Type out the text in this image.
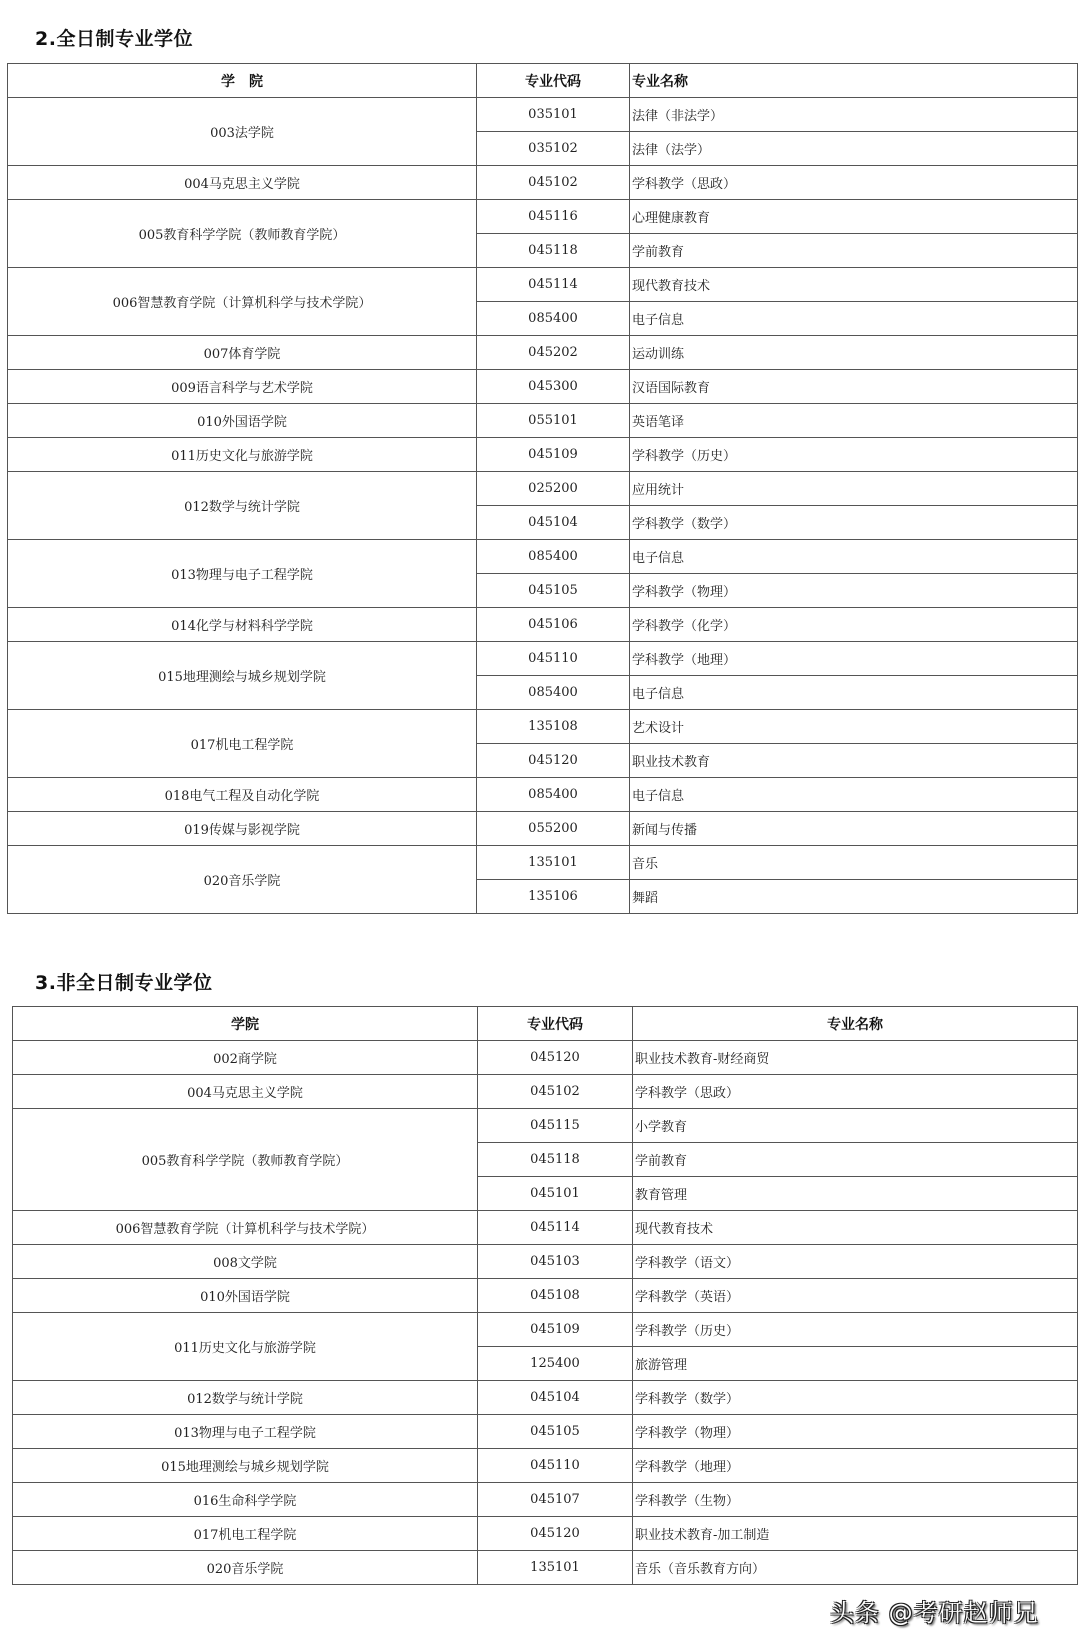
2.全日制专业学位
学　院	专业代码	专业名称
003法学院	035101	法律（非法学）
	035102	法律（法学）
004马克思主义学院	045102	学科教学（思政）
005教育科学学院（教师教育学院）	045116	心理健康教育
	045118	学前教育
006智慧教育学院（计算机科学与技术学院）	045114	现代教育技术
	085400	电子信息
007体育学院	045202	运动训练
009语言科学与艺术学院	045300	汉语国际教育
010外国语学院	055101	英语笔译
011历史文化与旅游学院	045109	学科教学（历史）
012数学与统计学院	025200	应用统计
	045104	学科教学（数学）
013物理与电子工程学院	085400	电子信息
	045105	学科教学（物理）
014化学与材料科学学院	045106	学科教学（化学）
015地理测绘与城乡规划学院	045110	学科教学（地理）
	085400	电子信息
017机电工程学院	135108	艺术设计
	045120	职业技术教育
018电气工程及自动化学院	085400	电子信息
019传媒与影视学院	055200	新闻与传播
020音乐学院	135101	音乐
	135106	舞蹈
3.非全日制专业学位
学院	专业代码	专业名称
002商学院	045120	职业技术教育-财经商贸
004马克思主义学院	045102	学科教学（思政）
005教育科学学院（教师教育学院）	045115	小学教育
	045118	学前教育
	045101	教育管理
006智慧教育学院（计算机科学与技术学院）	045114	现代教育技术
008文学院	045103	学科教学（语文）
010外国语学院	045108	学科教学（英语）
011历史文化与旅游学院	045109	学科教学（历史）
	125400	旅游管理
012数学与统计学院	045104	学科教学（数学）
013物理与电子工程学院	045105	学科教学（物理）
015地理测绘与城乡规划学院	045110	学科教学（地理）
016生命科学学院	045107	学科教学（生物）
017机电工程学院	045120	职业技术教育-加工制造
020音乐学院	135101	音乐（音乐教育方向）
头条 @考研赵师兄
